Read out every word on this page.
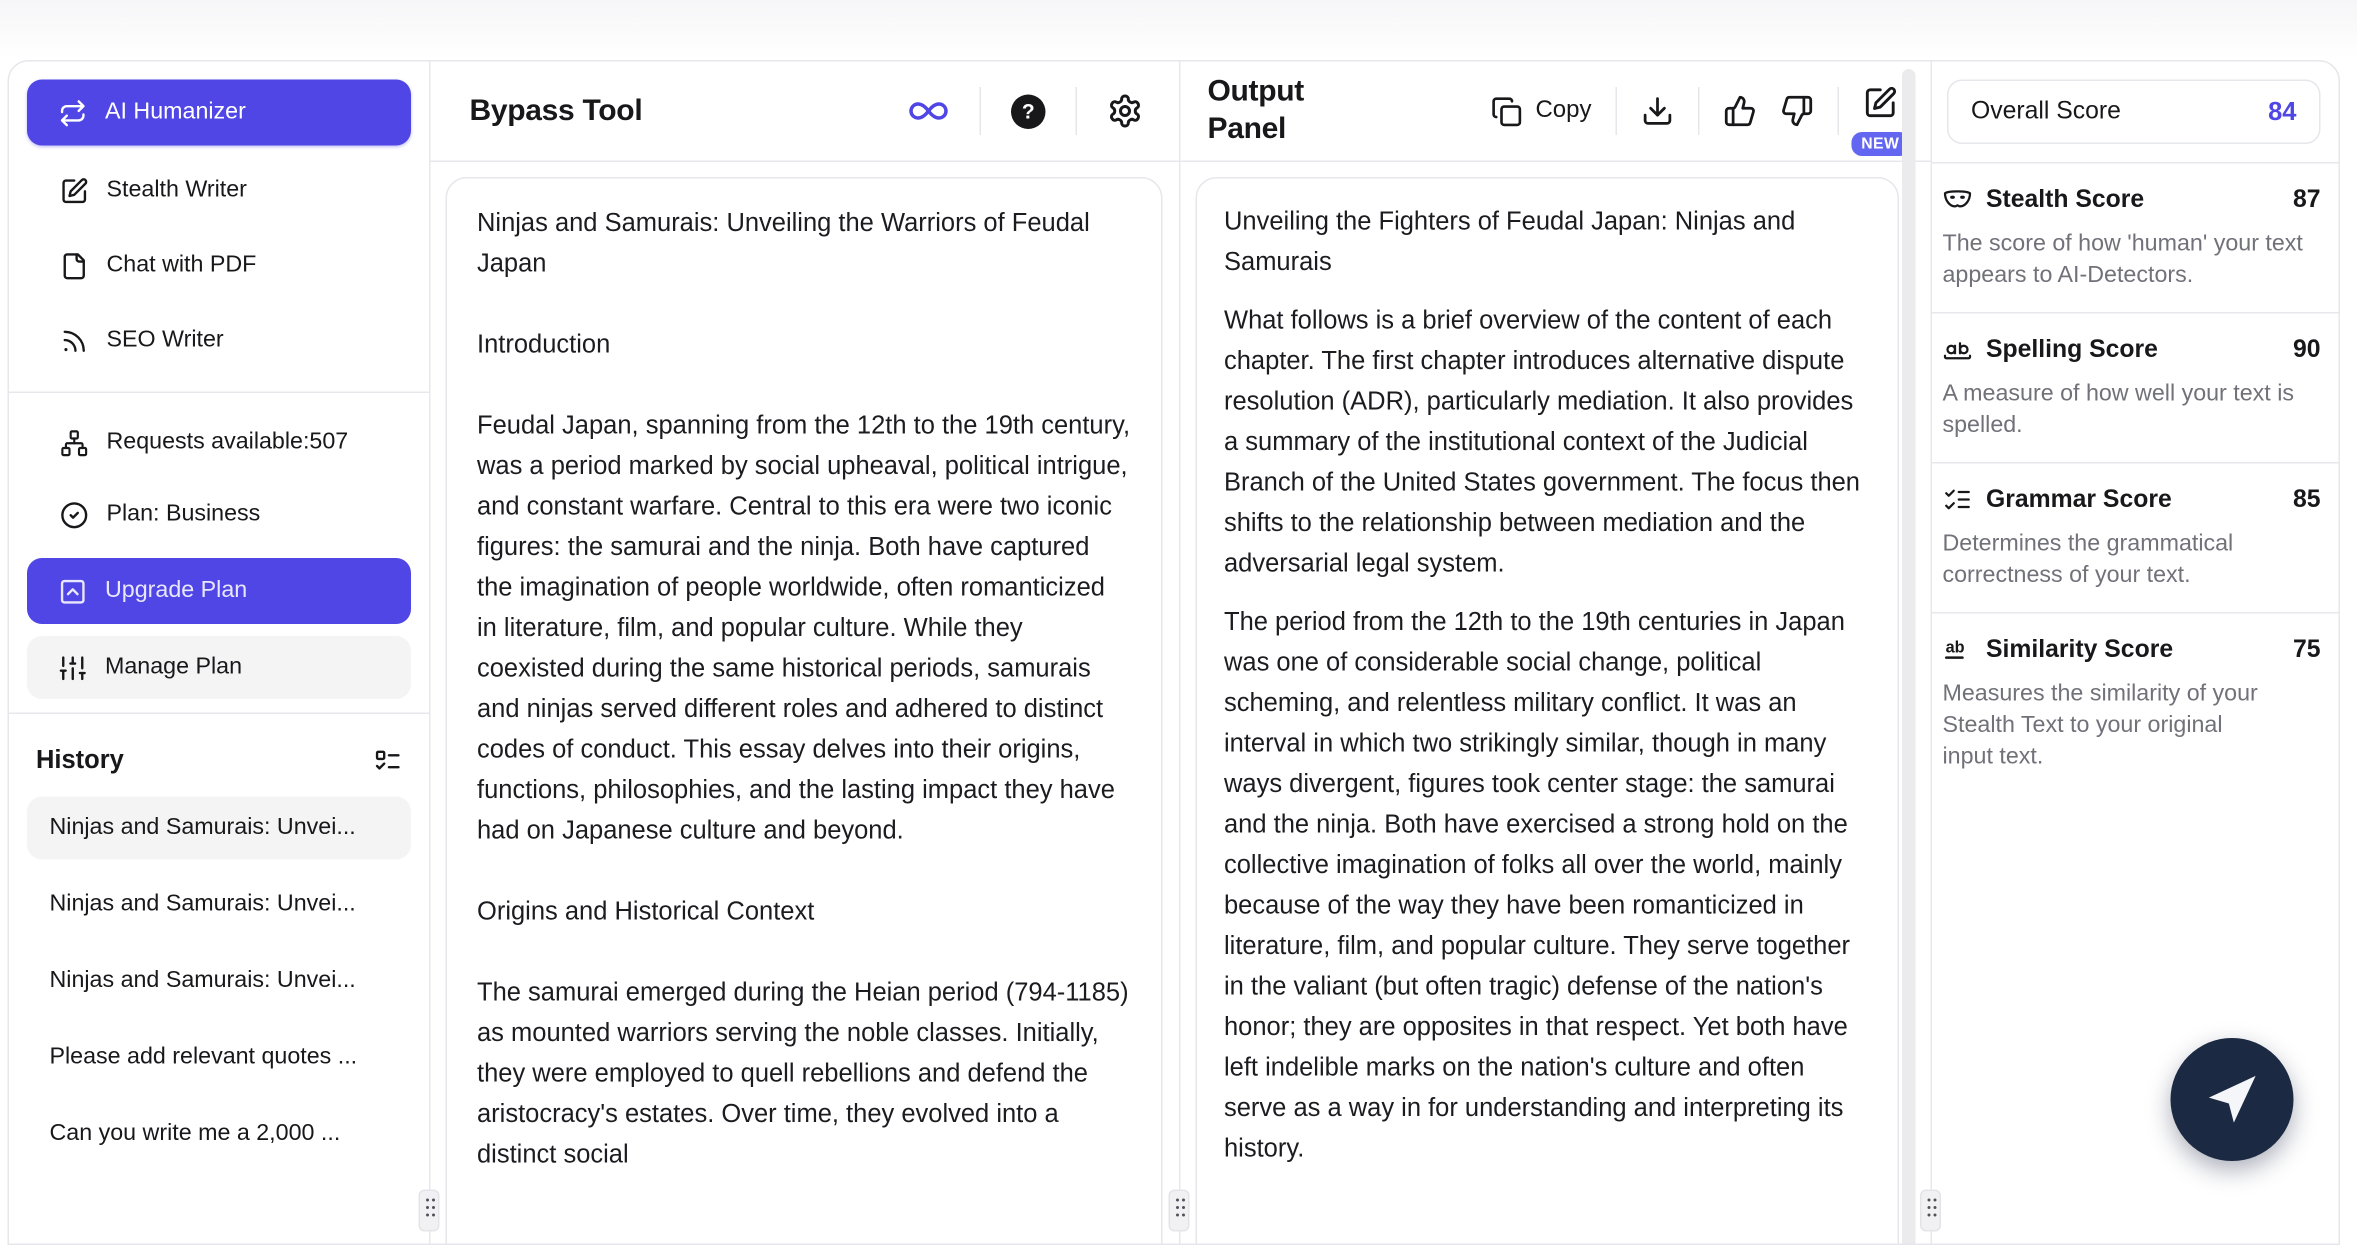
AI Humanizer
Stealth Writer
Chat with PDF
SEO Writer
Requests available:507
Plan: Business
Upgrade Plan
Manage Plan
History
Ninjas and Samurais: Unvei...
Ninjas and Samurais: Unvei...
Ninjas and Samurais: Unvei...
Please add relevant quotes ...
Can you write me a 2,000 ...
Bypass Tool	?

Ninjas and Samurais: Unveiling the Warriors of Feudal Japan

Introduction

Feudal Japan, spanning from the 12th to the 19th century, was a period marked by social upheaval, political intrigue, and constant warfare. Central to this era were two iconic figures: the samurai and the ninja. Both have captured the imagination of people worldwide, often romanticized in literature, film, and popular culture. While they coexisted during the same historical periods, samurais and ninjas served different roles and adhered to distinct codes of conduct. This essay delves into their origins, functions, philosophies, and the lasting impact they have had on Japanese culture and beyond.

Origins and Historical Context

The samurai emerged during the Heian period (794-1185) as mounted warriors serving the noble classes. Initially, they were employed to quell rebellions and defend the aristocracy's estates. Over time, they evolved into a distinct social

Output Panel
Copy
NEW

Unveiling the Fighters of Feudal Japan: Ninjas and Samurais

What follows is a brief overview of the content of each chapter. The first chapter introduces alternative dispute resolution (ADR), particularly mediation. It also provides a summary of the institutional context of the Judicial Branch of the United States government. The focus then shifts to the relationship between mediation and the adversarial legal system.

The period from the 12th to the 19th centuries in Japan was one of considerable social change, political scheming, and relentless military conflict. It was an interval in which two strikingly similar, though in many ways divergent, figures took center stage: the samurai and the ninja. Both have exercised a strong hold on the collective imagination of folks all over the world, mainly because of the way they have been romanticized in literature, film, and popular culture. They serve together in the valiant (but often tragic) defense of the nation's honor; they are opposites in that respect. Yet both have left indelible marks on the nation's culture and often serve as a way in for understanding and interpreting its history.

Overall Score	84
Stealth Score	87
The score of how 'human' your text appears to AI-Detectors.
Spelling Score	90
A measure of how well your text is spelled.
Grammar Score	85
Determines the grammatical correctness of your text.
ab Similarity Score	75
Measures the similarity of your Stealth Text to your original input text.
